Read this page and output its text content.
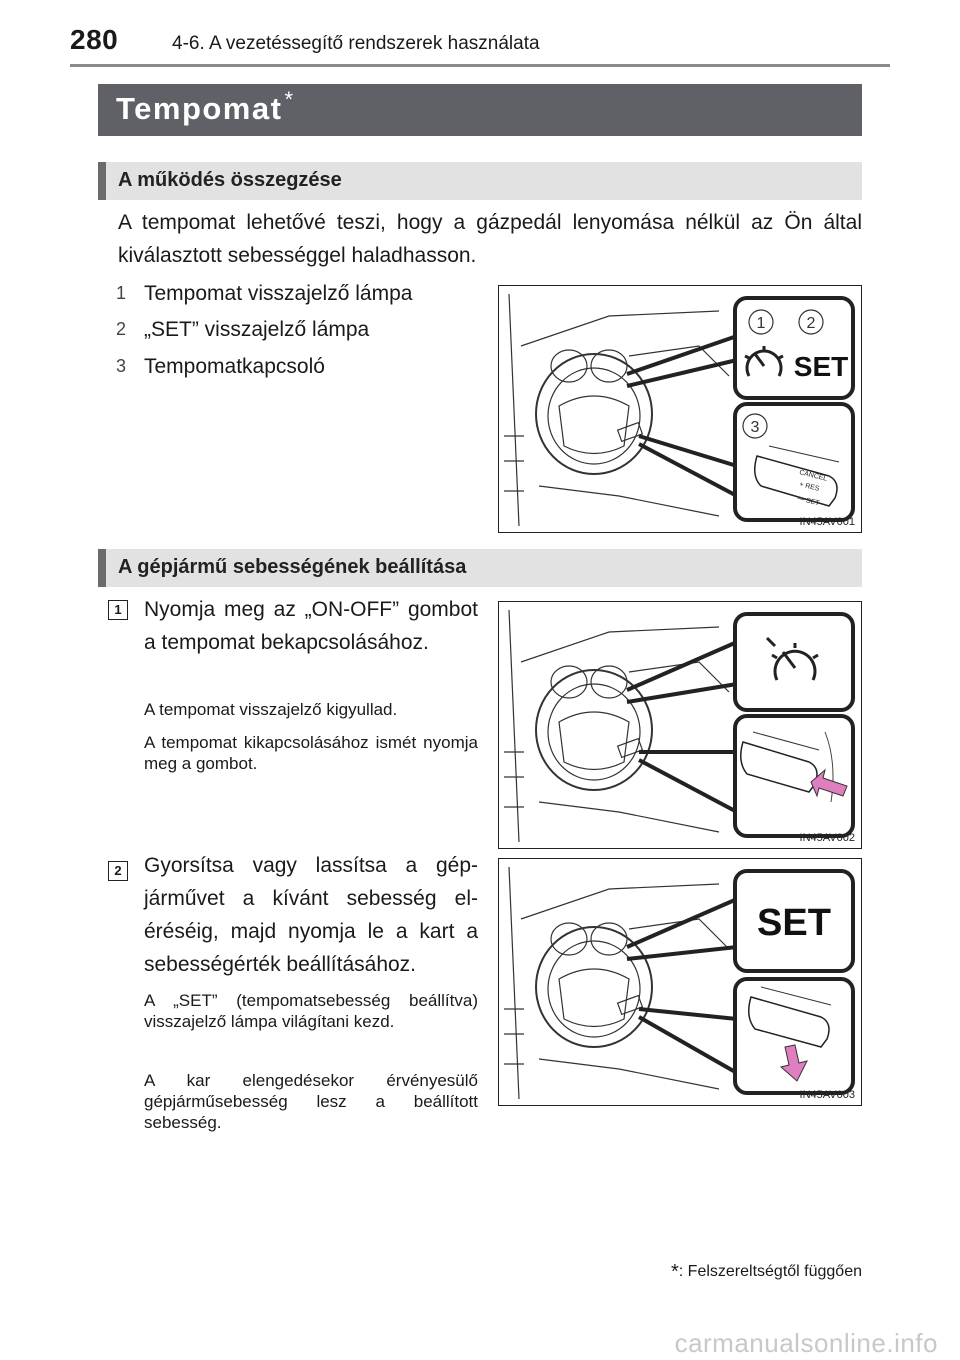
280	4-6. A vezetéssegítő rendszerek használata
Tempomat*
A működés összegzése
A tempomat lehetővé teszi, hogy a gázpedál lenyomása nélkül az Ön által kiválasztott sebességgel haladhasson.
1 Tempomat visszajelző lámpa
2 „SET” visszajelző lámpa
3 Tempomatkapcsoló
1	2
SET
3
CANCEL
+ RES
— SET
IN45AV001
A gépjármű sebességének beállítása
1	Nyomja meg az „ON-OFF” gombot a tempomat bekapcsolásához.
A tempomat visszajelző kigyullad.
A tempomat kikapcsolásához ismét nyomja meg a gombot.
IN45AV002
2	Gyorsítsa vagy lassítsa a gépjárművet a kívánt sebesség eléréséig, majd nyomja le a kart a sebességérték beállításához.
A „SET” (tempomatsebesség beállítva) visszajelző lámpa világítani kezd.
A kar elengedésekor érvényesülő gépjárműsebesség lesz a beállított sebesség.
SET
IN45AV003
*: Felszereltségtől függően
carmanualsonline.info
